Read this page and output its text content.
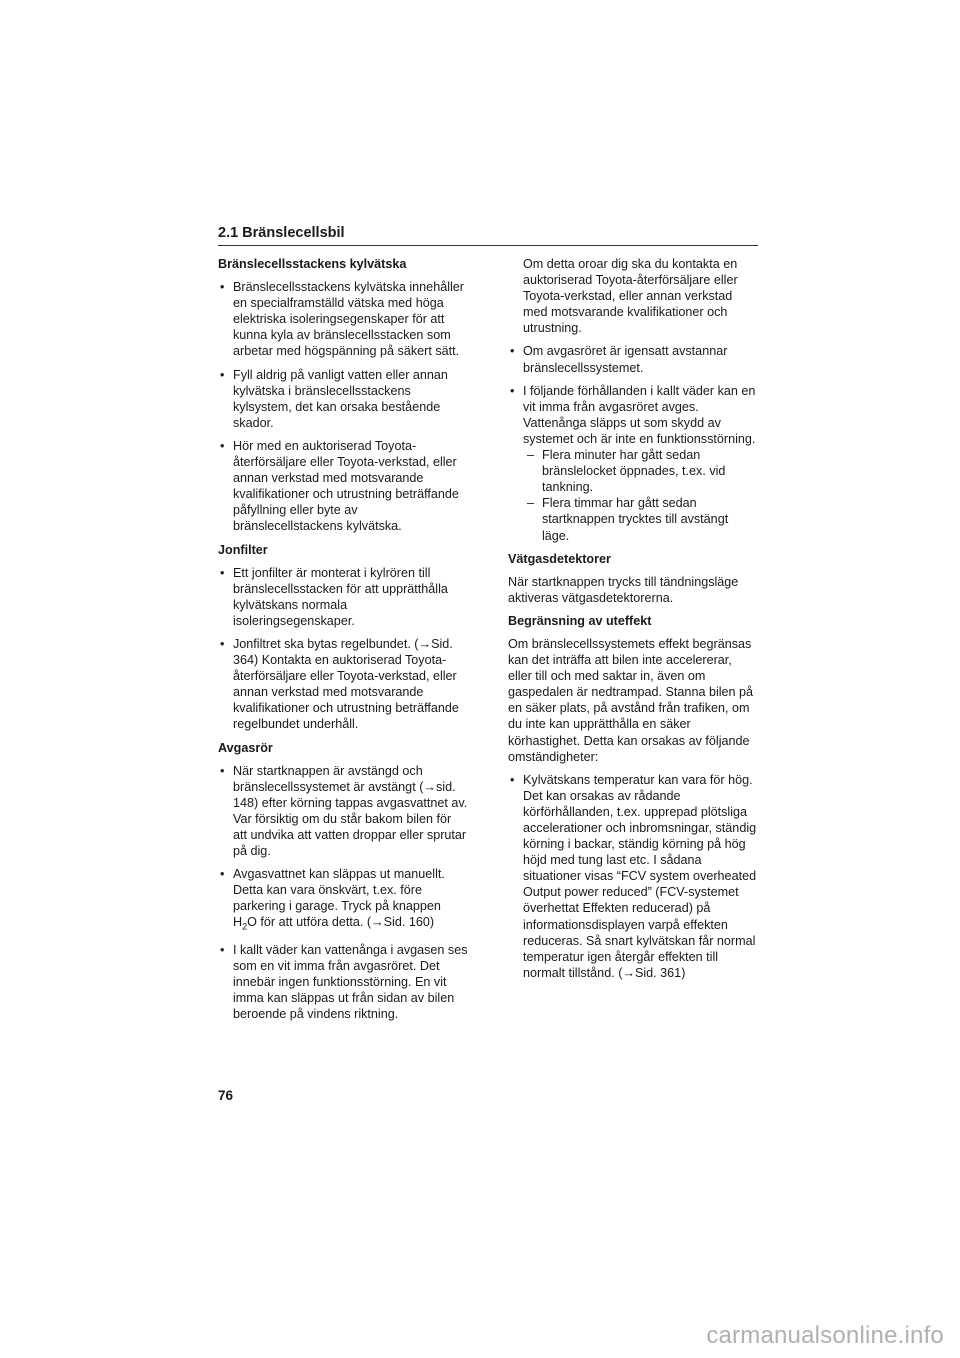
2.1 Bränslecellsbil
Bränslecellsstackens kylvätska
• Bränslecellsstackens kylvätska innehåller en specialframställd vätska med höga elektriska isoleringsegenskaper för att kunna kyla av bränslecellsstacken som arbetar med högspänning på säkert sätt.
• Fyll aldrig på vanligt vatten eller annan kylvätska i bränslecellsstackens kylsystem, det kan orsaka bestående skador.
• Hör med en auktoriserad Toyota-återförsäljare eller Toyota-verkstad, eller annan verkstad med motsvarande kvalifikationer och utrustning beträffande påfyllning eller byte av bränslecellstackens kylvätska.
Jonfilter
• Ett jonfilter är monterat i kylrören till bränslecellsstacken för att upprätthålla kylvätskans normala isoleringsegenskaper.
• Jonfiltret ska bytas regelbundet. (→Sid. 364) Kontakta en auktoriserad Toyota-återförsäljare eller Toyota-verkstad, eller annan verkstad med motsvarande kvalifikationer och utrustning beträffande regelbundet underhåll.
Avgasrör
• När startknappen är avstängd och bränslecellssystemet är avstängt (→sid. 148) efter körning tappas avgasvattnet av. Var försiktig om du står bakom bilen för att undvika att vatten droppar eller sprutar på dig.
• Avgasvattnet kan släppas ut manuellt. Detta kan vara önskvärt, t.ex. före parkering i garage. Tryck på knappen $H_2O$ för att utföra detta. (→Sid. 160)
• I kallt väder kan vattenånga i avgasen ses som en vit imma från avgasröret. Det innebär ingen funktionsstörning. En vit imma kan släppas ut från sidan av bilen beroende på vindens riktning.
Om detta oroar dig ska du kontakta en auktoriserad Toyota-återförsäljare eller Toyota-verkstad, eller annan verkstad med motsvarande kvalifikationer och utrustning.
• Om avgasröret är igensatt avstannar bränslecellssystemet.
• I följande förhållanden i kallt väder kan en vit imma från avgasröret avges. Vattenånga släpps ut som skydd av systemet och är inte en funktionsstörning.
– Flera minuter har gått sedan bränslelocket öppnades, t.ex. vid tankning.
– Flera timmar har gått sedan startknappen trycktes till avstängt läge.
Vätgasdetektorer
När startknappen trycks till tändningsläge aktiveras vätgasdetektorerna.
Begränsning av uteffekt
Om bränslecellssystemets effekt begränsas kan det inträffa att bilen inte accelererar, eller till och med saktar in, även om gaspedalen är nedtrampad. Stanna bilen på en säker plats, på avstånd från trafiken, om du inte kan upprätthålla en säker körhastighet. Detta kan orsakas av följande omständigheter:
• Kylvätskans temperatur kan vara för hög. Det kan orsakas av rådande körförhållanden, t.ex. upprepad plötsliga accelerationer och inbromsningar, ständig körning i backar, ständig körning på hög höjd med tung last etc. I sådana situationer visas “FCV system overheated Output power reduced” (FCV-systemet överhettat Effekten reducerad) på informationsdisplayen varpå effekten reduceras. Så snart kylvätskan får normal temperatur igen återgår effekten till normalt tillstånd. (→Sid. 361)
76
carmanualsonline.info
